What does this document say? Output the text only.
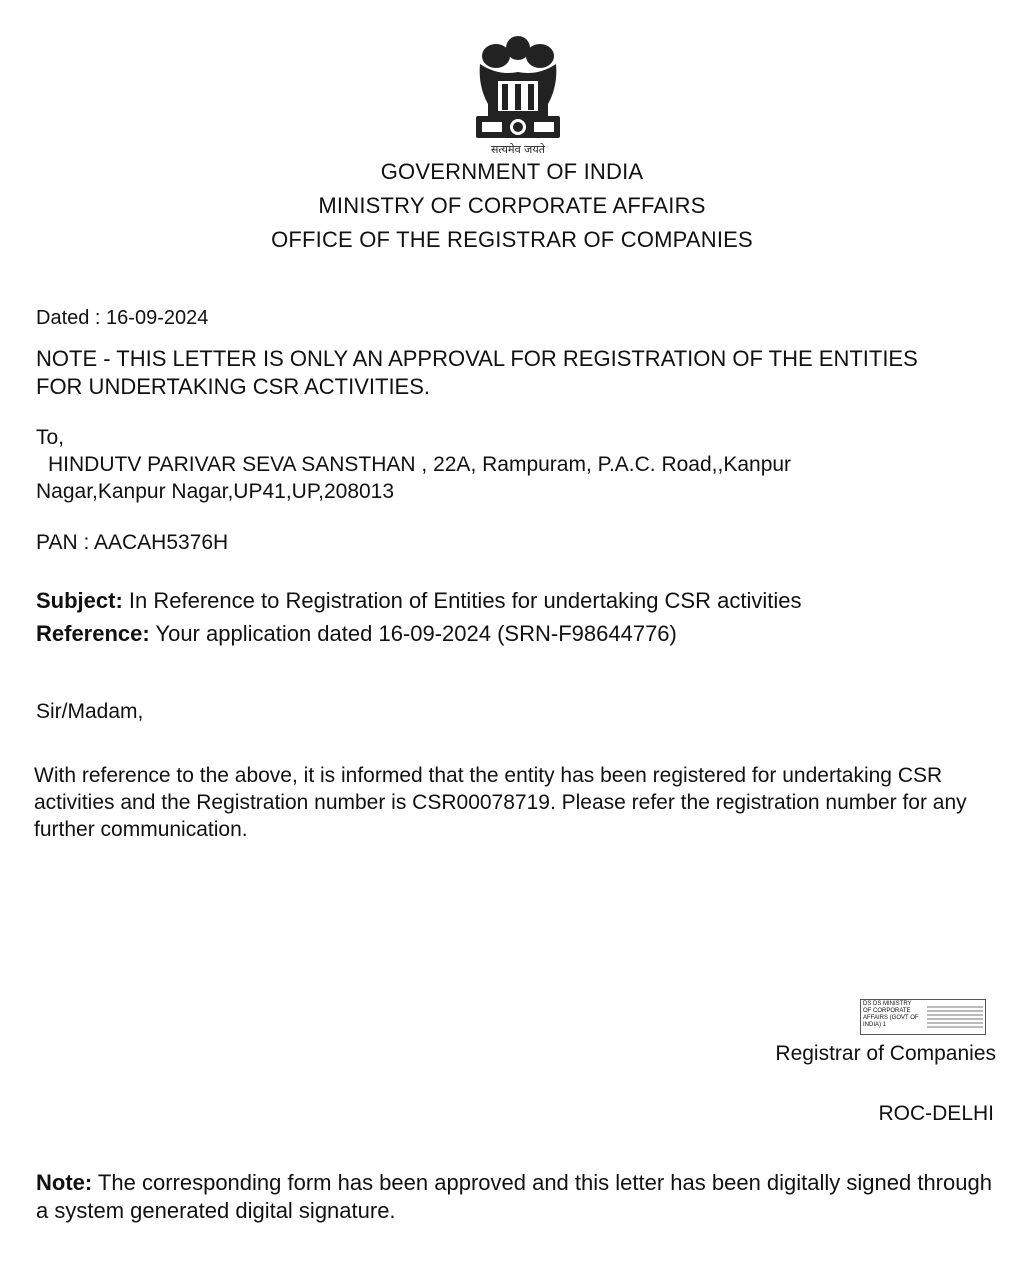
सत्यमेव जयते
GOVERNMENT OF INDIA
MINISTRY OF CORPORATE AFFAIRS
OFFICE OF THE REGISTRAR OF COMPANIES
Dated : 16-09-2024
NOTE - THIS LETTER IS ONLY AN APPROVAL FOR REGISTRATION OF THE ENTITIES FOR UNDERTAKING CSR ACTIVITIES.
To,
HINDUTV PARIVAR SEVA SANSTHAN , 22A, Rampuram, P.A.C. Road,,Kanpur
Nagar,Kanpur Nagar,UP41,UP,208013
PAN : AACAH5376H
Subject: In Reference to Registration of Entities for undertaking CSR activities
Reference: Your application dated 16-09-2024 (SRN-F98644776)
Sir/Madam,
With reference to the above, it is informed that the entity has been registered for undertaking CSR activities and the Registration number is CSR00078719. Please refer the registration number for any further communication.
DS DS MINISTRY
OF CORPORATE
AFFAIRS (GOVT OF
INDIA) 1
Registrar of Companies
ROC-DELHI
Note: The corresponding form has been approved and this letter has been digitally signed through a system generated digital signature.
